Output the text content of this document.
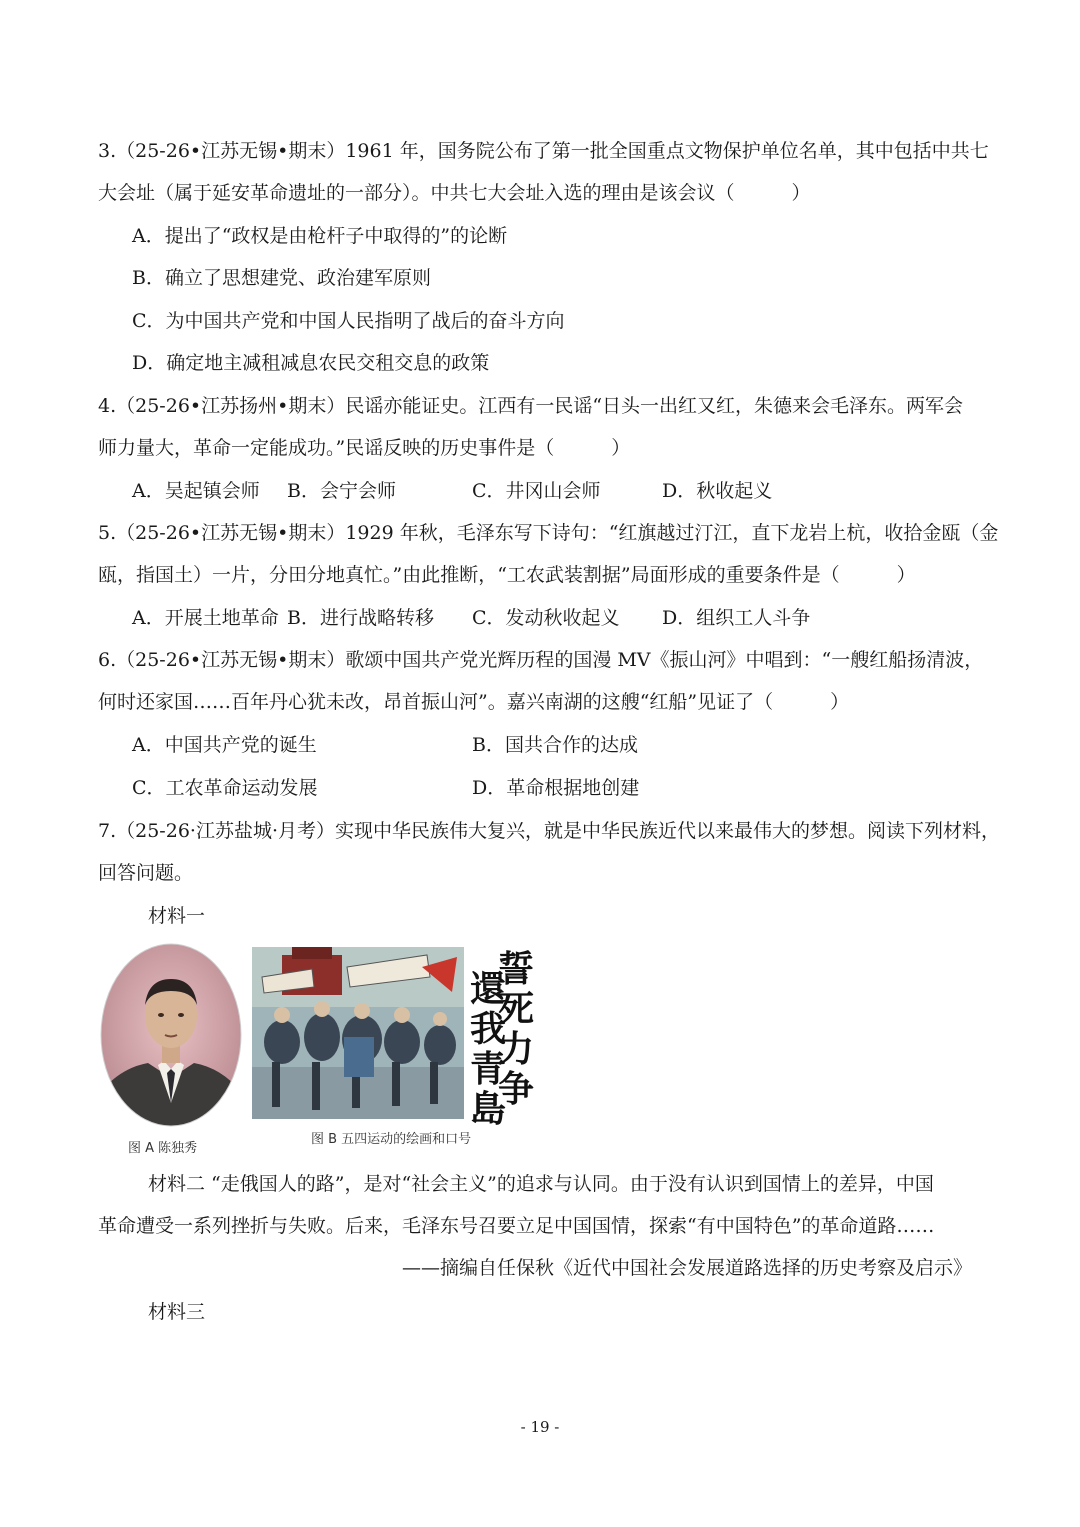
3.（25-26•江苏无锡•期末）1961 年，国务院公布了第一批全国重点文物保护单位名单，其中包括中共七
大会址（属于延安革命遗址的一部分）。中共七大会址入选的理由是该会议（　　　）
A．提出了“政权是由枪杆子中取得的”的论断
B．确立了思想建党、政治建军原则
C．为中国共产党和中国人民指明了战后的奋斗方向
D．确定地主减租减息农民交租交息的政策
4.（25-26•江苏扬州•期末）民谣亦能证史。江西有一民谣“日头一出红又红，朱德来会毛泽东。两军会
师力量大，革命一定能成功。”民谣反映的历史事件是（　　　）
A．吴起镇会师 B．会宁会师	C．井冈山会师	D．秋收起义
5.（25-26•江苏无锡•期末）1929 年秋，毛泽东写下诗句：“红旗越过汀江，直下龙岩上杭，收拾金瓯（金
瓯，指国土）一片，分田分地真忙。”由此推断，“工农武装割据”局面形成的重要条件是（　　　）
A．开展土地革命 B．进行战略转移 C．发动秋收起义 D．组织工人斗争
6.（25-26•江苏无锡•期末）歌颂中国共产党光辉历程的国漫 MV《振山河》中唱到：“一艘红船扬清波，
何时还家国……百年丹心犹未改，昂首振山河”。嘉兴南湖的这艘“红船”见证了（　　　）
A．中国共产党的诞生	B．国共合作的达成
C．工农革命运动发展	D．革命根据地创建
7.（25-26·江苏盐城·月考）实现中华民族伟大复兴，就是中华民族近代以来最伟大的梦想。阅读下列材料，
回答问题。
材料一
图 A 陈独秀
誓死力争
還我青島
图 B 五四运动的绘画和口号
材料二 “走俄国人的路”，是对“社会主义”的追求与认同。由于没有认识到国情上的差异，中国
革命遭受一系列挫折与失败。后来，毛泽东号召要立足中国国情，探索“有中国特色”的革命道路……
——摘编自任保秋《近代中国社会发展道路选择的历史考察及启示》
材料三
- 19 -
